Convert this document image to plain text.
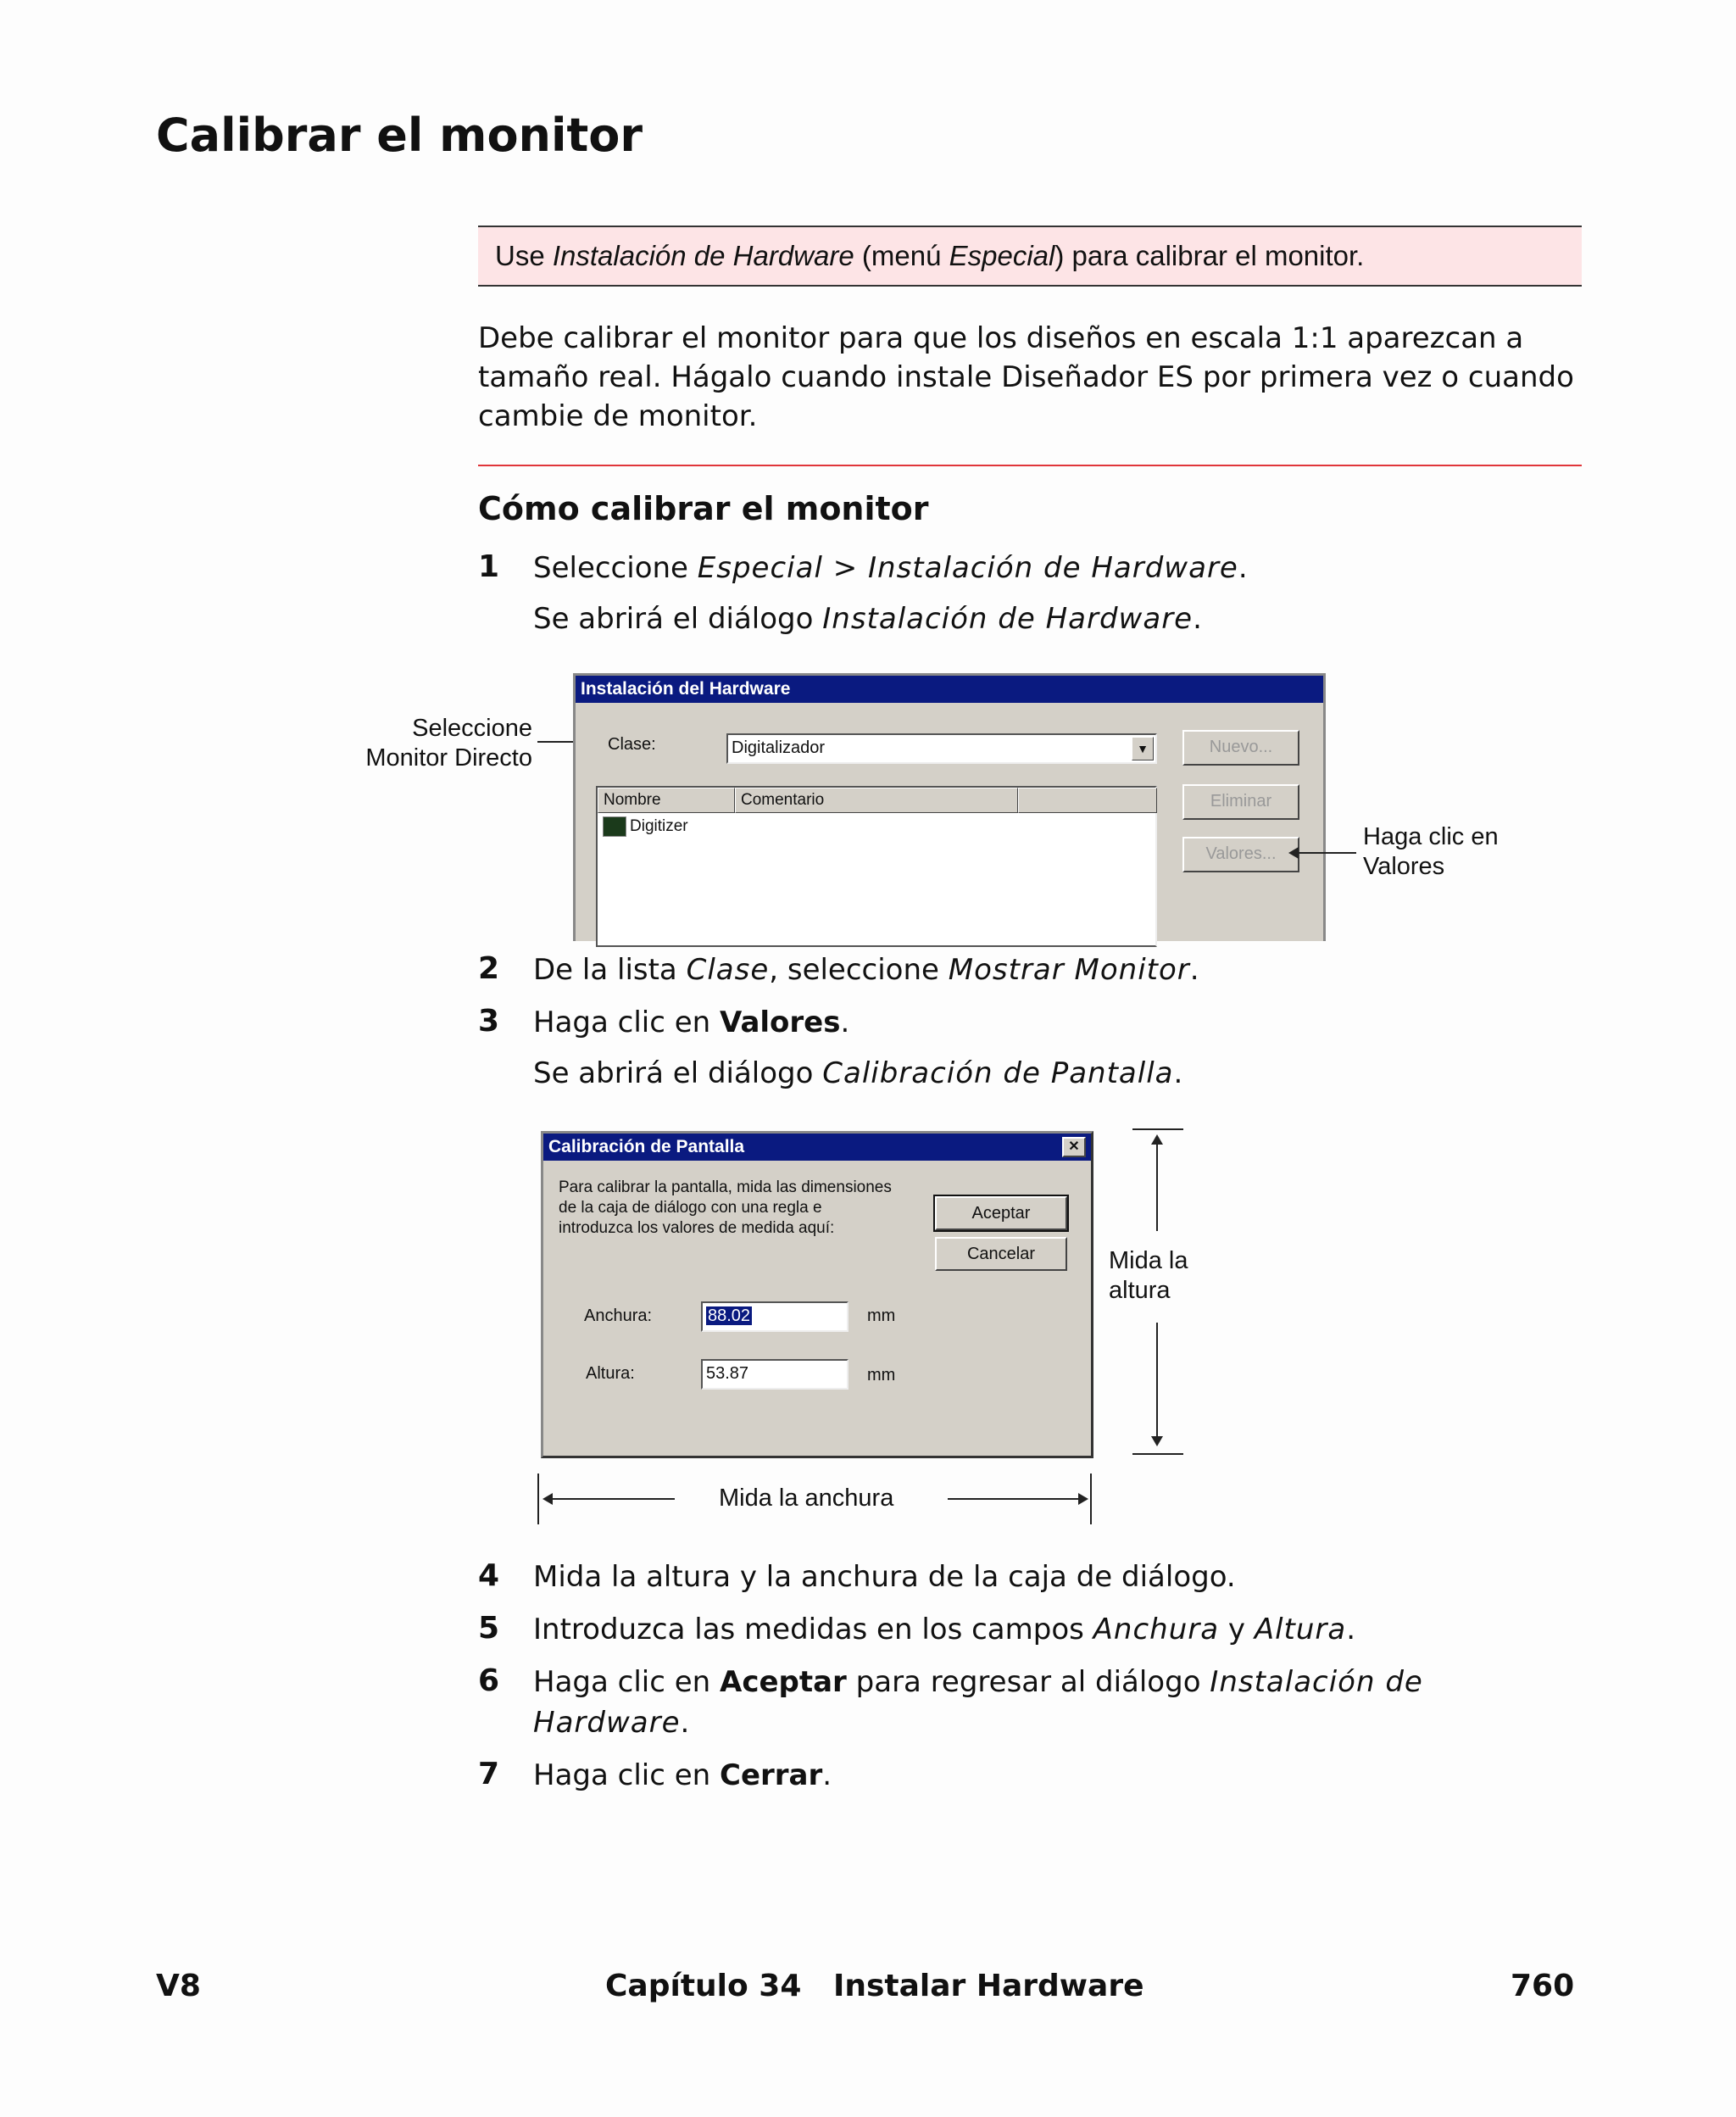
Calibrar el monitor
Use Instalación de Hardware (menú Especial) para calibrar el monitor.

Debe calibrar el monitor para que los diseños en escala 1:1 aparezcan a tamaño real. Hágalo cuando instale Diseñador ES por primera vez o cuando cambie de monitor.

Cómo calibrar el monitor
1 Seleccione Especial > Instalación de Hardware.
Se abrirá el diálogo Instalación de Hardware.
Seleccione
Monitor Directo
Instalación del Hardware
Clase:	Digitalizador	▼
Nombre	Comentario
Digitizer
Nuevo...
Eliminar
Valores...
Haga clic en
Valores
2 De la lista Clase, seleccione Mostrar Monitor.
3 Haga clic en Valores.
Se abrirá el diálogo Calibración de Pantalla.
Calibración de Pantalla	✕
Para calibrar la pantalla, mida las dimensiones
de la caja de diálogo con una regla e
introduzca los valores de medida aquí:
Aceptar
Cancelar
Anchura:	88.02	mm
Altura:	53.87	mm
Mida la
altura
Mida la anchura
4 Mida la altura y la anchura de la caja de diálogo.
5 Introduzca las medidas en los campos Anchura y Altura.
6 Haga clic en Aceptar para regresar al diálogo Instalación de Hardware.
7 Haga clic en Cerrar.
V8	Capítulo 34   Instalar Hardware	760
